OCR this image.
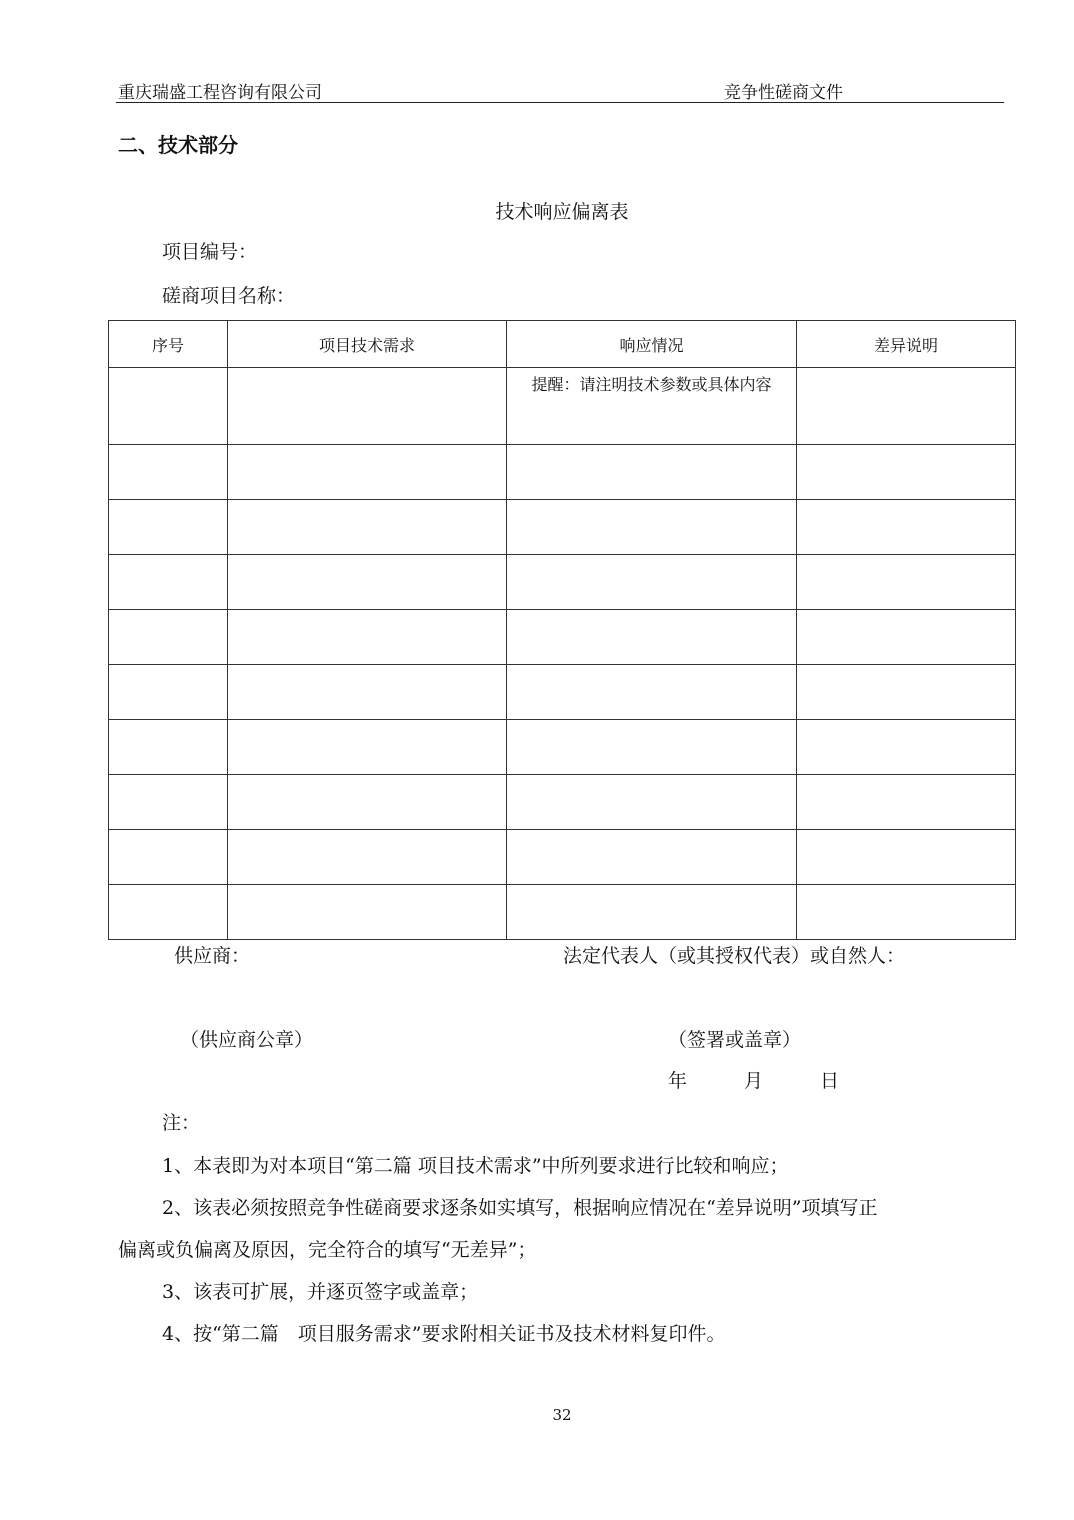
重庆瑞盛工程咨询有限公司	竞争性磋商文件
二、技术部分
技术响应偏离表
项目编号：
磋商项目名称：
序号	项目技术需求	响应情况	差异说明
		提醒：请注明技术参数或具体内容	

供应商：	法定代表人（或其授权代表）或自然人：
（供应商公章）	（签署或盖章）
年	月	日
注：
1、本表即为对本项目“第二篇 项目技术需求”中所列要求进行比较和响应；
2、该表必须按照竞争性磋商要求逐条如实填写，根据响应情况在“差异说明”项填写正
偏离或负偏离及原因，完全符合的填写“无差异”；
3、该表可扩展，并逐页签字或盖章；
4、按“第二篇　项目服务需求”要求附相关证书及技术材料复印件。
32
